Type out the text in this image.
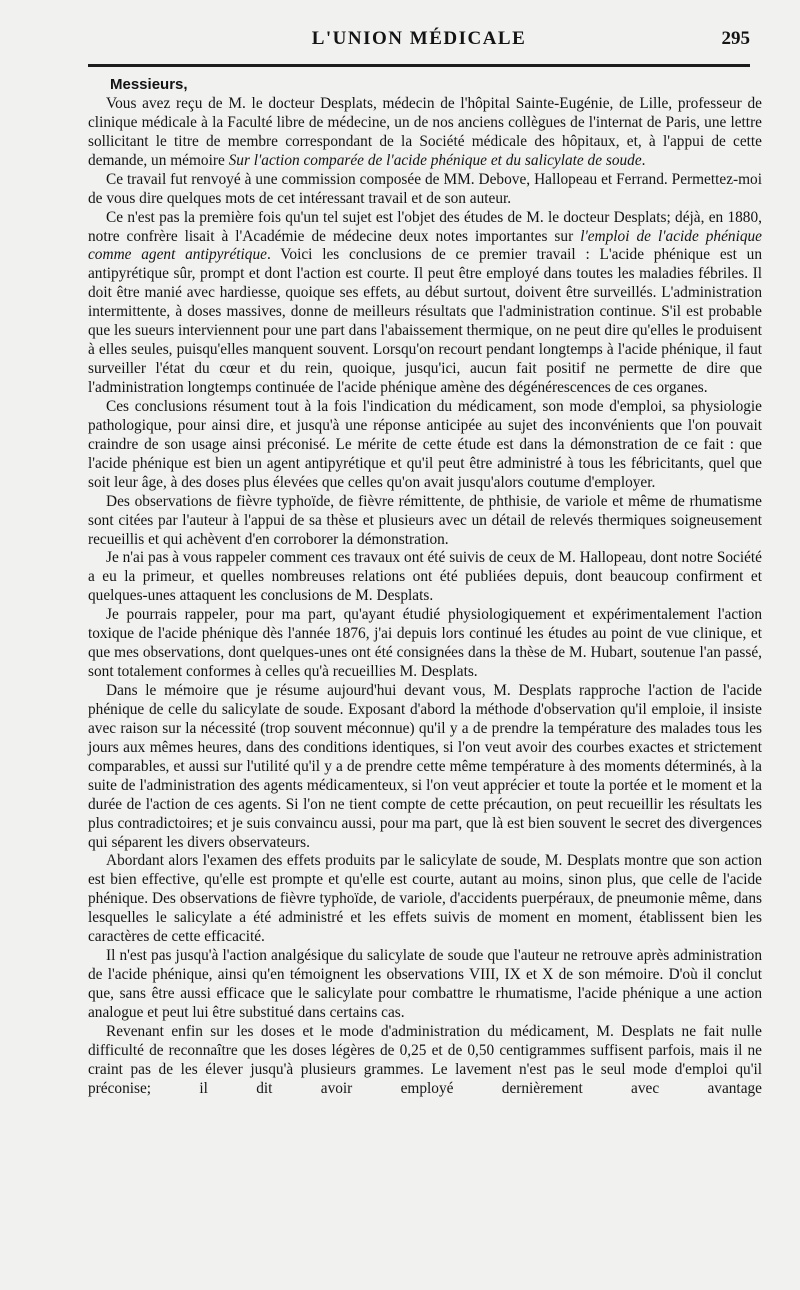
L'UNION MÉDICALE	295

Messieurs,

Vous avez reçu de M. le docteur Desplats, médecin de l'hôpital Sainte-Eugénie, de Lille, professeur de clinique médicale à la Faculté libre de médecine, un de nos anciens collègues de l'internat de Paris, une lettre sollicitant le titre de membre correspondant de la Société médicale des hôpitaux, et, à l'appui de cette demande, un mémoire Sur l'action comparée de l'acide phénique et du salicylate de soude.

Ce travail fut renvoyé à une commission composée de MM. Debove, Hallopeau et Ferrand. Permettez-moi de vous dire quelques mots de cet intéressant travail et de son auteur.

Ce n'est pas la première fois qu'un tel sujet est l'objet des études de M. le docteur Desplats; déjà, en 1880, notre confrère lisait à l'Académie de médecine deux notes importantes sur l'emploi de l'acide phénique comme agent antipyrétique. Voici les conclusions de ce premier travail : L'acide phénique est un antipyrétique sûr, prompt et dont l'action est courte. Il peut être employé dans toutes les maladies fébriles. Il doit être manié avec hardiesse, quoique ses effets, au début surtout, doivent être surveillés. L'administration intermittente, à doses massives, donne de meilleurs résultats que l'administration continue. S'il est probable que les sueurs interviennent pour une part dans l'abaissement thermique, on ne peut dire qu'elles le produisent à elles seules, puisqu'elles manquent souvent. Lorsqu'on recourt pendant longtemps à l'acide phénique, il faut surveiller l'état du cœur et du rein, quoique, jusqu'ici, aucun fait positif ne permette de dire que l'administration longtemps continuée de l'acide phénique amène des dégénérescences de ces organes.

Ces conclusions résument tout à la fois l'indication du médicament, son mode d'emploi, sa physiologie pathologique, pour ainsi dire, et jusqu'à une réponse anticipée au sujet des inconvénients que l'on pouvait craindre de son usage ainsi préconisé. Le mérite de cette étude est dans la démonstration de ce fait : que l'acide phénique est bien un agent antipyrétique et qu'il peut être administré à tous les fébricitants, quel que soit leur âge, à des doses plus élevées que celles qu'on avait jusqu'alors coutume d'employer.

Des observations de fièvre typhoïde, de fièvre rémittente, de phthisie, de variole et même de rhumatisme sont citées par l'auteur à l'appui de sa thèse et plusieurs avec un détail de relevés thermiques soigneusement recueillis et qui achèvent d'en corroborer la démonstration.

Je n'ai pas à vous rappeler comment ces travaux ont été suivis de ceux de M. Hallopeau, dont notre Société a eu la primeur, et quelles nombreuses relations ont été publiées depuis, dont beaucoup confirment et quelques-unes attaquent les conclusions de M. Desplats.

Je pourrais rappeler, pour ma part, qu'ayant étudié physiologiquement et expérimentalement l'action toxique de l'acide phénique dès l'année 1876, j'ai depuis lors continué les études au point de vue clinique, et que mes observations, dont quelques-unes ont été consignées dans la thèse de M. Hubart, soutenue l'an passé, sont totalement conformes à celles qu'à recueillies M. Desplats.

Dans le mémoire que je résume aujourd'hui devant vous, M. Desplats rapproche l'action de l'acide phénique de celle du salicylate de soude. Exposant d'abord la méthode d'observation qu'il emploie, il insiste avec raison sur la nécessité (trop souvent méconnue) qu'il y a de prendre la température des malades tous les jours aux mêmes heures, dans des conditions identiques, si l'on veut avoir des courbes exactes et strictement comparables, et aussi sur l'utilité qu'il y a de prendre cette même température à des moments déterminés, à la suite de l'administration des agents médicamenteux, si l'on veut apprécier et toute la portée et le moment et la durée de l'action de ces agents. Si l'on ne tient compte de cette précaution, on peut recueillir les résultats les plus contradictoires; et je suis convaincu aussi, pour ma part, que là est bien souvent le secret des divergences qui séparent les divers observateurs.

Abordant alors l'examen des effets produits par le salicylate de soude, M. Desplats montre que son action est bien effective, qu'elle est prompte et qu'elle est courte, autant au moins, sinon plus, que celle de l'acide phénique. Des observations de fièvre typhoïde, de variole, d'accidents puerpéraux, de pneumonie même, dans lesquelles le salicylate a été administré et les effets suivis de moment en moment, établissent bien les caractères de cette efficacité.

Il n'est pas jusqu'à l'action analgésique du salicylate de soude que l'auteur ne retrouve après administration de l'acide phénique, ainsi qu'en témoignent les observations VIII, IX et X de son mémoire. D'où il conclut que, sans être aussi efficace que le salicylate pour combattre le rhumatisme, l'acide phénique a une action analogue et peut lui être substitué dans certains cas.

Revenant enfin sur les doses et le mode d'administration du médicament, M. Desplats ne fait nulle difficulté de reconnaître que les doses légères de 0,25 et de 0,50 centigrammes suffisent parfois, mais il ne craint pas de les élever jusqu'à plusieurs grammes. Le lavement n'est pas le seul mode d'emploi qu'il préconise; il dit avoir employé dernièrement avec avantage
